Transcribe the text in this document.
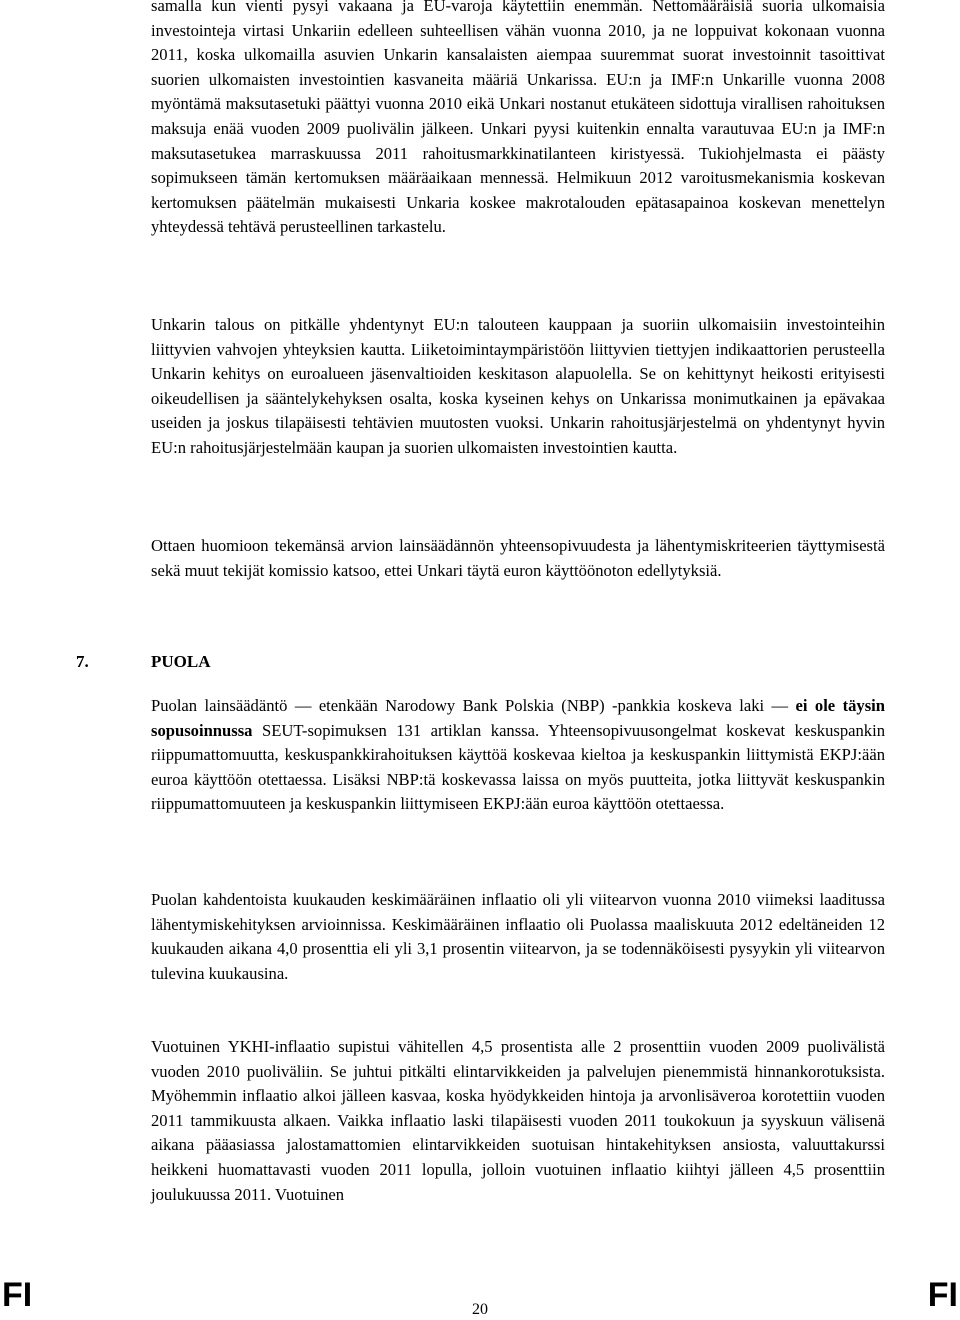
samalla kun vienti pysyi vakaana ja EU-varoja käytettiin enemmän. Nettomääräisiä suoria ulkomaisia investointeja virtasi Unkariin edelleen suhteellisen vähän vuonna 2010, ja ne loppuivat kokonaan vuonna 2011, koska ulkomailla asuvien Unkarin kansalaisten aiempaa suuremmat suorat investoinnit tasoittivat suorien ulkomaisten investointien kasvaneita määriä Unkarissa. EU:n ja IMF:n Unkarille vuonna 2008 myöntämä maksutasetuki päättyi vuonna 2010 eikä Unkari nostanut etukäteen sidottuja virallisen rahoituksen maksuja enää vuoden 2009 puolivälin jälkeen. Unkari pyysi kuitenkin ennalta varautuvaa EU:n ja IMF:n maksutasetukea marraskuussa 2011 rahoitusmarkkinatilanteen kiristyessä. Tukiohjelmasta ei päästy sopimukseen tämän kertomuksen määräaikaan mennessä. Helmikuun 2012 varoitusmekanismia koskevan kertomuksen päätelmän mukaisesti Unkaria koskee makrotalouden epätasapainoa koskevan menettelyn yhteydessä tehtävä perusteellinen tarkastelu.

Unkarin talous on pitkälle yhdentynyt EU:n talouteen kauppaan ja suoriin ulkomaisiin investointeihin liittyvien vahvojen yhteyksien kautta. Liiketoimintaympäristöön liittyvien tiettyjen indikaattorien perusteella Unkarin kehitys on euroalueen jäsenvaltioiden keskitason alapuolella. Se on kehittynyt heikosti erityisesti oikeudellisen ja sääntelykehyksen osalta, koska kyseinen kehys on Unkarissa monimutkainen ja epävakaa useiden ja joskus tilapäisesti tehtävien muutosten vuoksi. Unkarin rahoitusjärjestelmä on yhdentynyt hyvin EU:n rahoitusjärjestelmään kaupan ja suorien ulkomaisten investointien kautta.

Ottaen huomioon tekemänsä arvion lainsäädännön yhteensopivuudesta ja lähentymiskriteerien täyttymisestä sekä muut tekijät komissio katsoo, ettei Unkari täytä euron käyttöönoton edellytyksiä.

7.	PUOLA

Puolan lainsäädäntö — etenkään Narodowy Bank Polskia (NBP) -pankkia koskeva laki — ei ole täysin sopusoinnussa SEUT-sopimuksen 131 artiklan kanssa. Yhteensopivuusongelmat koskevat keskuspankin riippumattomuutta, keskuspankkirahoituksen käyttöä koskevaa kieltoa ja keskuspankin liittymistä EKPJ:ään euroa käyttöön otettaessa. Lisäksi NBP:tä koskevassa laissa on myös puutteita, jotka liittyvät keskuspankin riippumattomuuteen ja keskuspankin liittymiseen EKPJ:ään euroa käyttöön otettaessa.

Puolan kahdentoista kuukauden keskimääräinen inflaatio oli yli viitearvon vuonna 2010 viimeksi laaditussa lähentymiskehityksen arvioinnissa. Keskimääräinen inflaatio oli Puolassa maaliskuuta 2012 edeltäneiden 12 kuukauden aikana 4,0 prosenttia eli yli 3,1 prosentin viitearvon, ja se todennäköisesti pysyykin yli viitearvon tulevina kuukausina.

Vuotuinen YKHI-inflaatio supistui vähitellen 4,5 prosentista alle 2 prosenttiin vuoden 2009 puolivälistä vuoden 2010 puoliväliin. Se juhtui pitkälti elintarvikkeiden ja palvelujen pienemmistä hinnankorotuksista. Myöhemmin inflaatio alkoi jälleen kasvaa, koska hyödykkeiden hintoja ja arvonlisäveroa korotettiin vuoden 2011 tammikuusta alkaen. Vaikka inflaatio laski tilapäisesti vuoden 2011 toukokuun ja syyskuun välisenä aikana pääasiassa jalostamattomien elintarvikkeiden suotuisan hintakehityksen ansiosta, valuuttakurssi heikkeni huomattavasti vuoden 2011 lopulla, jolloin vuotuinen inflaatio kiihtyi jälleen 4,5 prosenttiin joulukuussa 2011. Vuotuinen

FI	20	FI
